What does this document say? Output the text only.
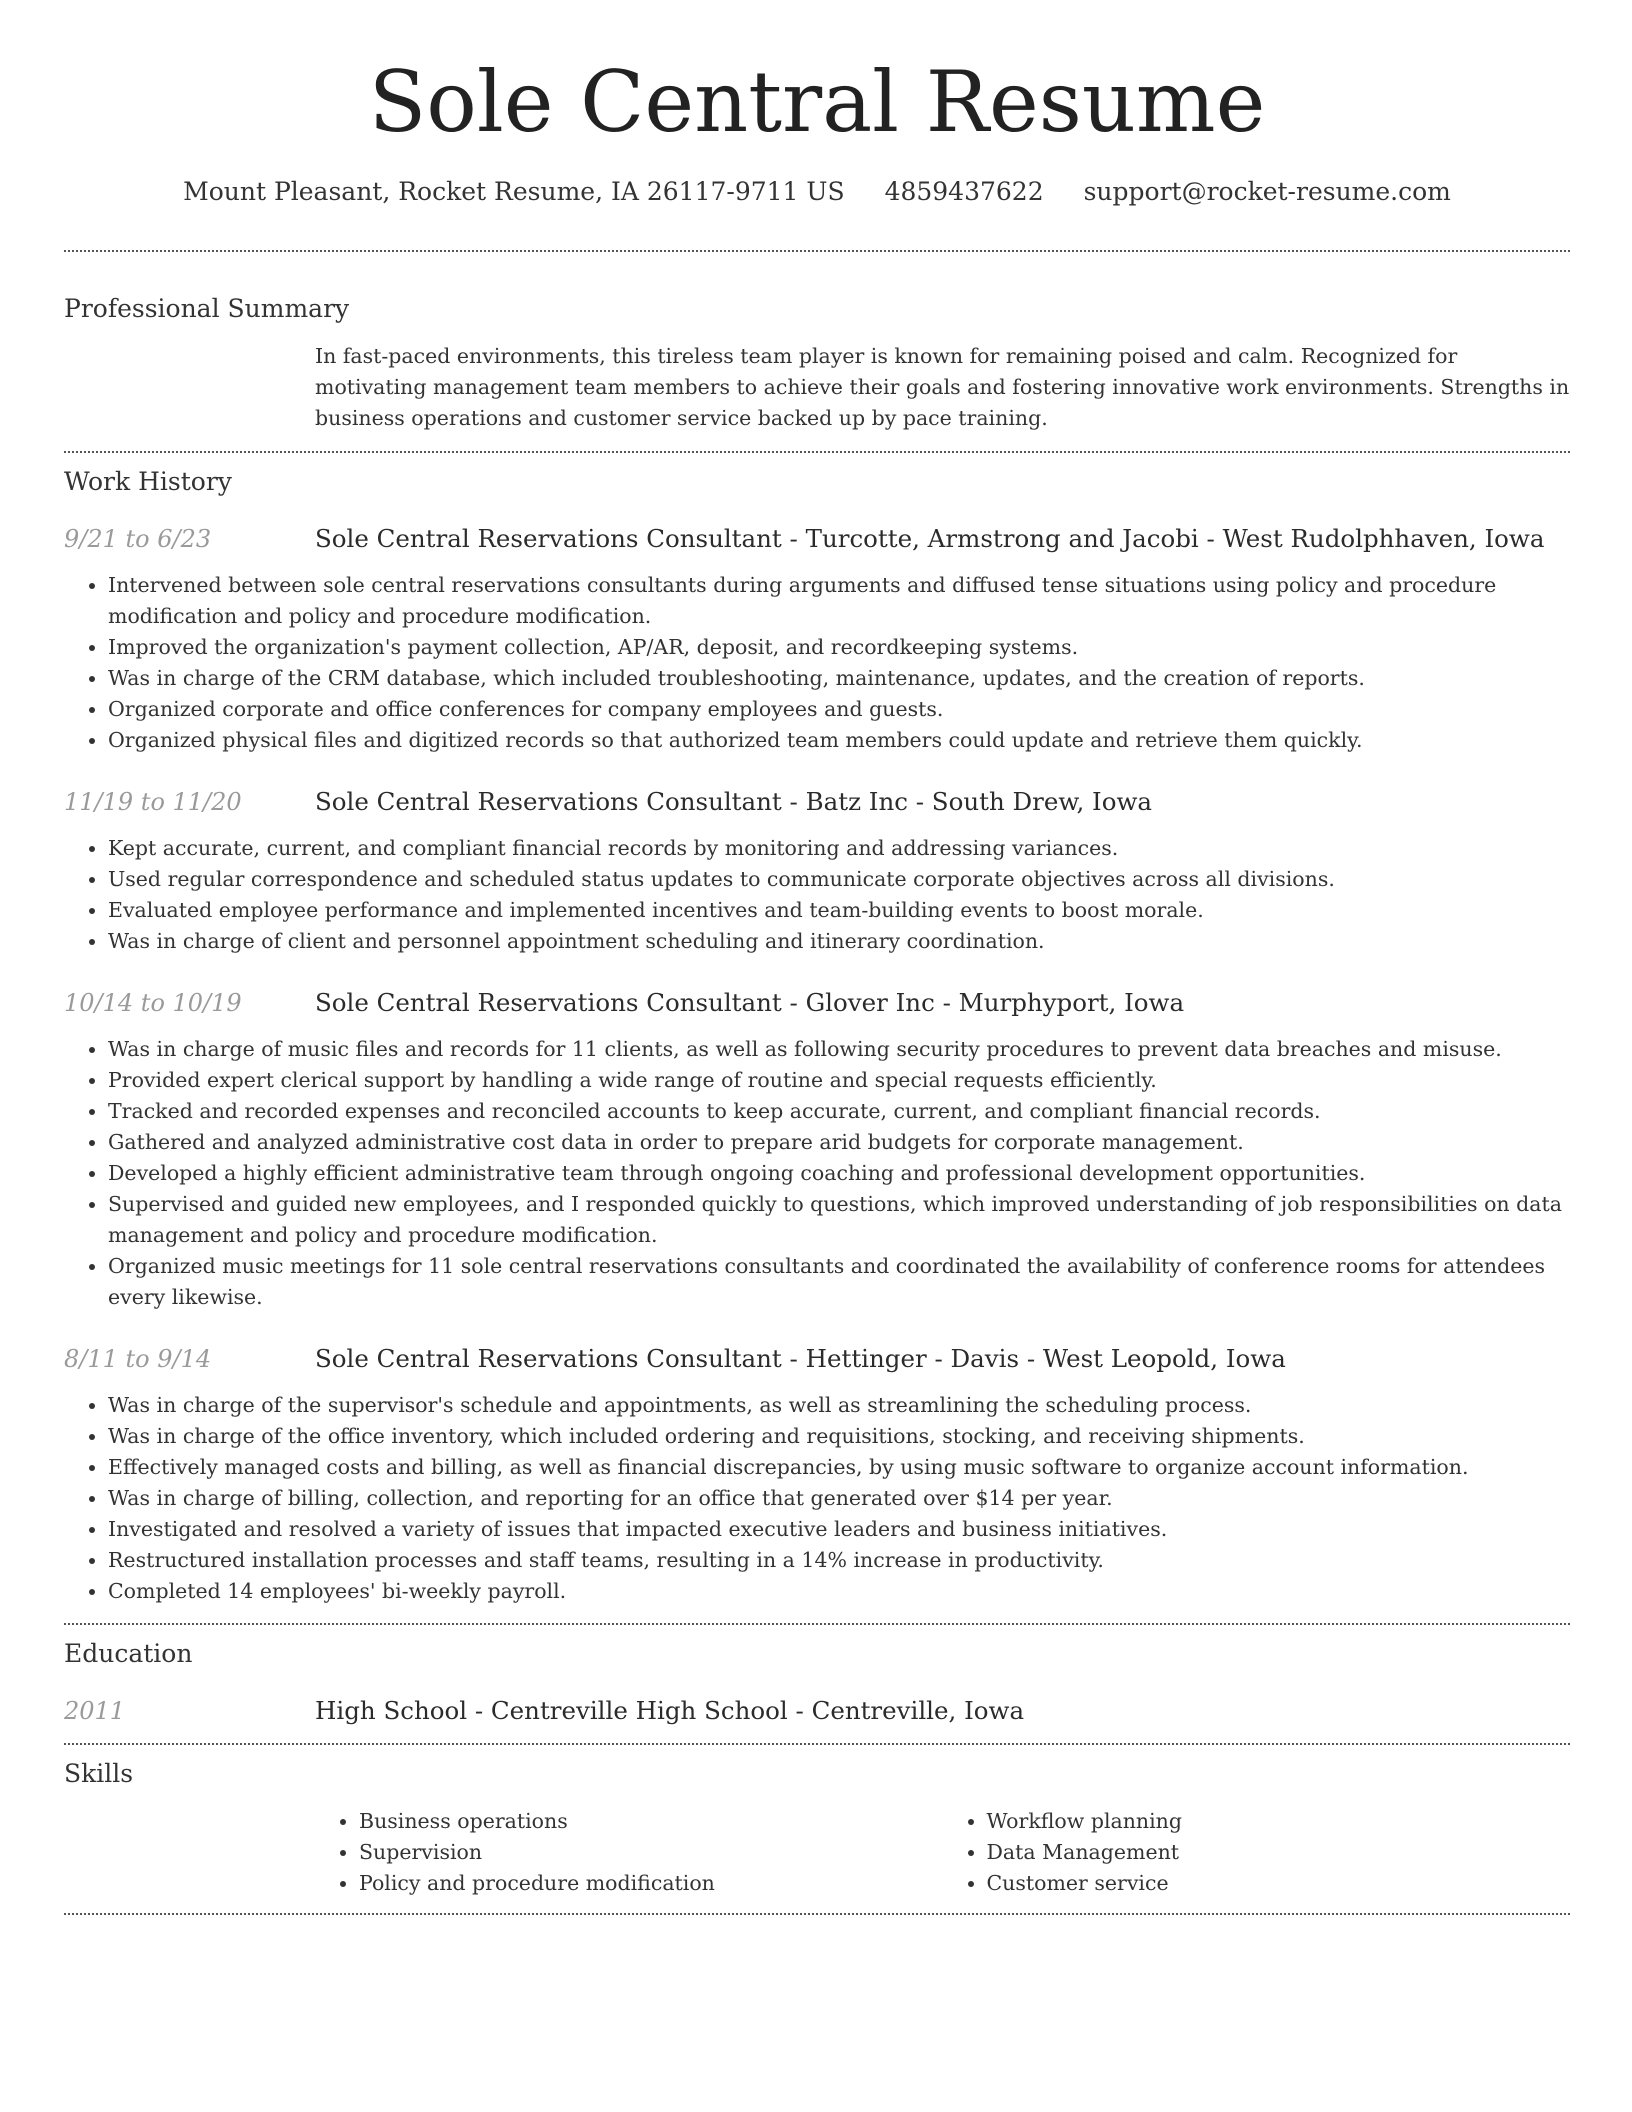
Sole Central Resume
Mount Pleasant, Rocket Resume, IA 26117-9711 US 4859437622 support@rocket-resume.com
Professional Summary
In fast-paced environments, this tireless team player is known for remaining poised and calm. Recognized for motivating management team members to achieve their goals and fostering innovative work environments. Strengths in business operations and customer service backed up by pace training.
Work History
9/21 to 6/23	Sole Central Reservations Consultant - Turcotte, Armstrong and Jacobi - West Rudolphhaven, Iowa
• Intervened between sole central reservations consultants during arguments and diffused tense situations using policy and procedure modification and policy and procedure modification.
• Improved the organization's payment collection, AP/AR, deposit, and recordkeeping systems.
• Was in charge of the CRM database, which included troubleshooting, maintenance, updates, and the creation of reports.
• Organized corporate and office conferences for company employees and guests.
• Organized physical files and digitized records so that authorized team members could update and retrieve them quickly.
11/19 to 11/20	Sole Central Reservations Consultant - Batz Inc - South Drew, Iowa
• Kept accurate, current, and compliant financial records by monitoring and addressing variances.
• Used regular correspondence and scheduled status updates to communicate corporate objectives across all divisions.
• Evaluated employee performance and implemented incentives and team-building events to boost morale.
• Was in charge of client and personnel appointment scheduling and itinerary coordination.
10/14 to 10/19	Sole Central Reservations Consultant - Glover Inc - Murphyport, Iowa
• Was in charge of music files and records for 11 clients, as well as following security procedures to prevent data breaches and misuse.
• Provided expert clerical support by handling a wide range of routine and special requests efficiently.
• Tracked and recorded expenses and reconciled accounts to keep accurate, current, and compliant financial records.
• Gathered and analyzed administrative cost data in order to prepare arid budgets for corporate management.
• Developed a highly efficient administrative team through ongoing coaching and professional development opportunities.
• Supervised and guided new employees, and I responded quickly to questions, which improved understanding of job responsibilities on data management and policy and procedure modification.
• Organized music meetings for 11 sole central reservations consultants and coordinated the availability of conference rooms for attendees every likewise.
8/11 to 9/14	Sole Central Reservations Consultant - Hettinger - Davis - West Leopold, Iowa
• Was in charge of the supervisor's schedule and appointments, as well as streamlining the scheduling process.
• Was in charge of the office inventory, which included ordering and requisitions, stocking, and receiving shipments.
• Effectively managed costs and billing, as well as financial discrepancies, by using music software to organize account information.
• Was in charge of billing, collection, and reporting for an office that generated over $14 per year.
• Investigated and resolved a variety of issues that impacted executive leaders and business initiatives.
• Restructured installation processes and staff teams, resulting in a 14% increase in productivity.
• Completed 14 employees' bi-weekly payroll.
Education
2011	High School - Centreville High School - Centreville, Iowa
Skills
• Business operations
• Supervision
• Policy and procedure modification
• Workflow planning
• Data Management
• Customer service
